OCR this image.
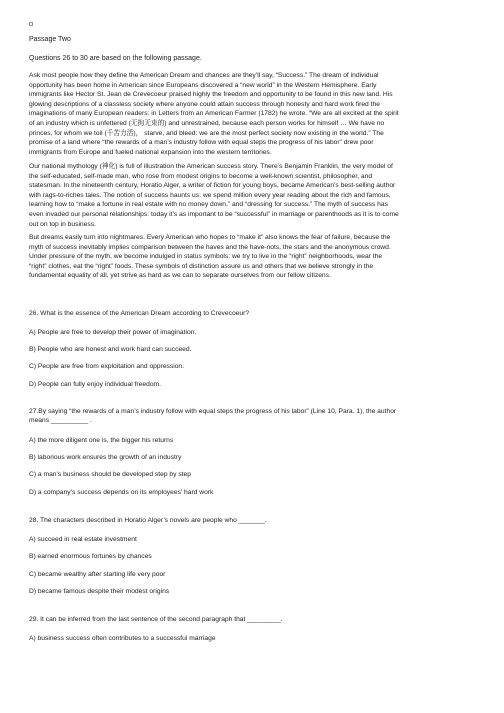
Passage Two
Questions 26 to 30 are based on the following passage.
Ask most people how they define the American Dream and chances are they’ll say, “Success.” The dream of individual
opportunity has been home in American since Europeans discovered a “new world” in the Western Hemisphere. Early
immigrants like Hector St. Jean de Crevecoeur praised highly the freedom and opportunity to be found in this new land. His
glowing descriptions of a classless society where anyone could attain success through honesty and hard work fired the
imaginations of many European readers: in Letters from an American Farmer (1782) he wrote. “We are all excited at the spirit
of an industry which is unfettered (无拘无束的) and unrestrained, because each person works for himself … We have no
princes, for whom we toil (千苦力活)， starve, and bleed: we are the most perfect society now existing in the world.” The
promise of a land where “the rewards of a man’s industry follow with equal steps the progress of his labor” drew poor
immigrants from Europe and fueled national expansion into the western territories.
Our national mythology (神化) is full of illustration the American success story. There’s Benjamin Franklin, the very model of
the self-educated, self-made man, who rose from modest origins to become a well-known scientist, philosopher, and
statesman. In the nineteenth century, Horatio Alger, a writer of fiction for young boys, became American’s best-selling author
with rags-to-riches tales. The notion of success haunts us: we spend million every year reading about the rich and famous,
learning how to “make a fortune in real estate with no money down,” and “dressing for success.” The myth of success has
even invaded our personal relationships: today it’s as important to be “successful” in marriage or parenthoods as it is to come
out on top in business.
But dreams easily turn into nightmares. Every American who hopes to “make it” also knows the fear of failure, because the
myth of success inevitably implies comparison between the haves and the have-nots, the stars and the anonymous crowd.
Under pressure of the myth, we become indulged in status symbols: we try to live in the “right” neighborhoods, wear the
“right” clothes, eat the “right” foods. These symbols of distinction assure us and others that we believe strongly in the
fundamental equality of all, yet strive as hard as we can to separate ourselves from our fellow citizens.
26. What is the essence of the American Dream according to Crevecoeur?
A) People are free to develop their power of imagination.
B) People who are honest and work hard can succeed.
C) People are free from exploitation and oppression.
D) People can fully enjoy individual freedom.
27.By saying “the rewards of a man’s industry follow with equal steps the progress of his labor” (Line 10, Para. 1), the author
means __________ .
A) the more diligent one is, the bigger his returns
B) laborious work ensures the growth of an industry
C) a man’s business should be developed step by step
D) a company’s success depends on its employees’ hard work
28. The characters described in Horatio Alger’s novels are people who _______.
A) succeed in real estate investment
B) earned enormous fortunes by chances
C) became wealthy after starting life very poor
D) became famous despite their modest origins
29. It can be inferred from the last sentence of the second paragraph that _________.
A) business success often contributes to a successful marriage
